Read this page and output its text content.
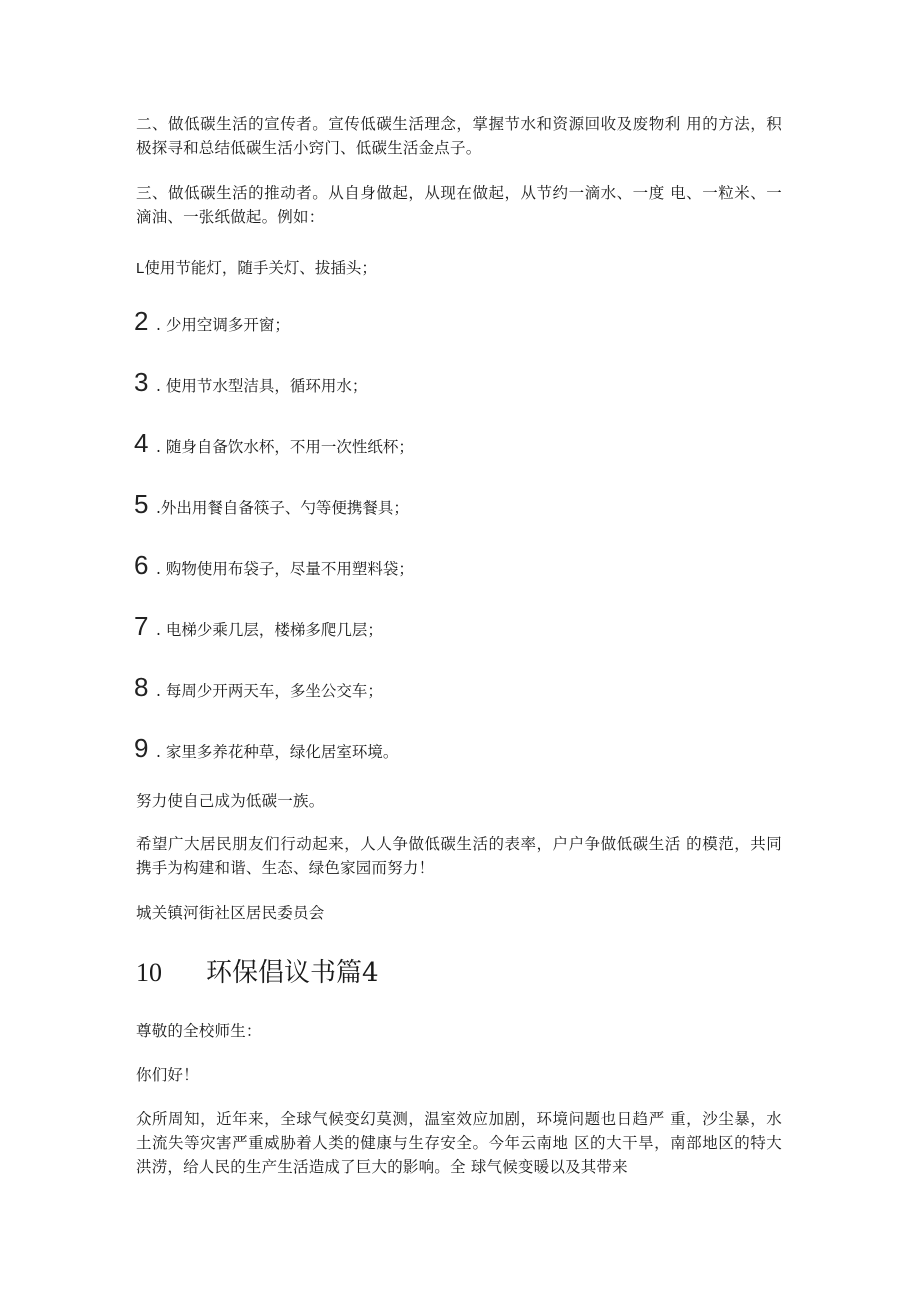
二、做低碳生活的宣传者。宣传低碳生活理念，掌握节水和资源回收及废物利 用的方法，积极探寻和总结低碳生活小窍门、低碳生活金点子。

三、做低碳生活的推动者。从自身做起，从现在做起，从节约一滴水、一度 电、一粒米、一滴油、一张纸做起。例如：

L使用节能灯，随手关灯、拔插头；

2 . 少用空调多开窗；

3 . 使用节水型洁具，循环用水；

4 . 随身自备饮水杯，不用一次性纸杯；

5 .外出用餐自备筷子、勺等便携餐具；

6 . 购物使用布袋子，尽量不用塑料袋；

7 . 电梯少乘几层，楼梯多爬几层；

8 . 每周少开两天车，多坐公交车；

9 . 家里多养花种草，绿化居室环境。

努力使自己成为低碳一族。

希望广大居民朋友们行动起来，人人争做低碳生活的表率，户户争做低碳生活 的模范，共同携手为构建和谐、生态、绿色家园而努力！

城关镇河街社区居民委员会

10	环保倡议书篇4

尊敬的全校师生：

你们好！

众所周知，近年来，全球气候变幻莫测，温室效应加剧，环境问题也日趋严 重，沙尘暴，水土流失等灾害严重威胁着人类的健康与生存安全。今年云南地 区的大干旱，南部地区的特大洪涝，给人民的生产生活造成了巨大的影响。全 球气候变暖以及其带来
